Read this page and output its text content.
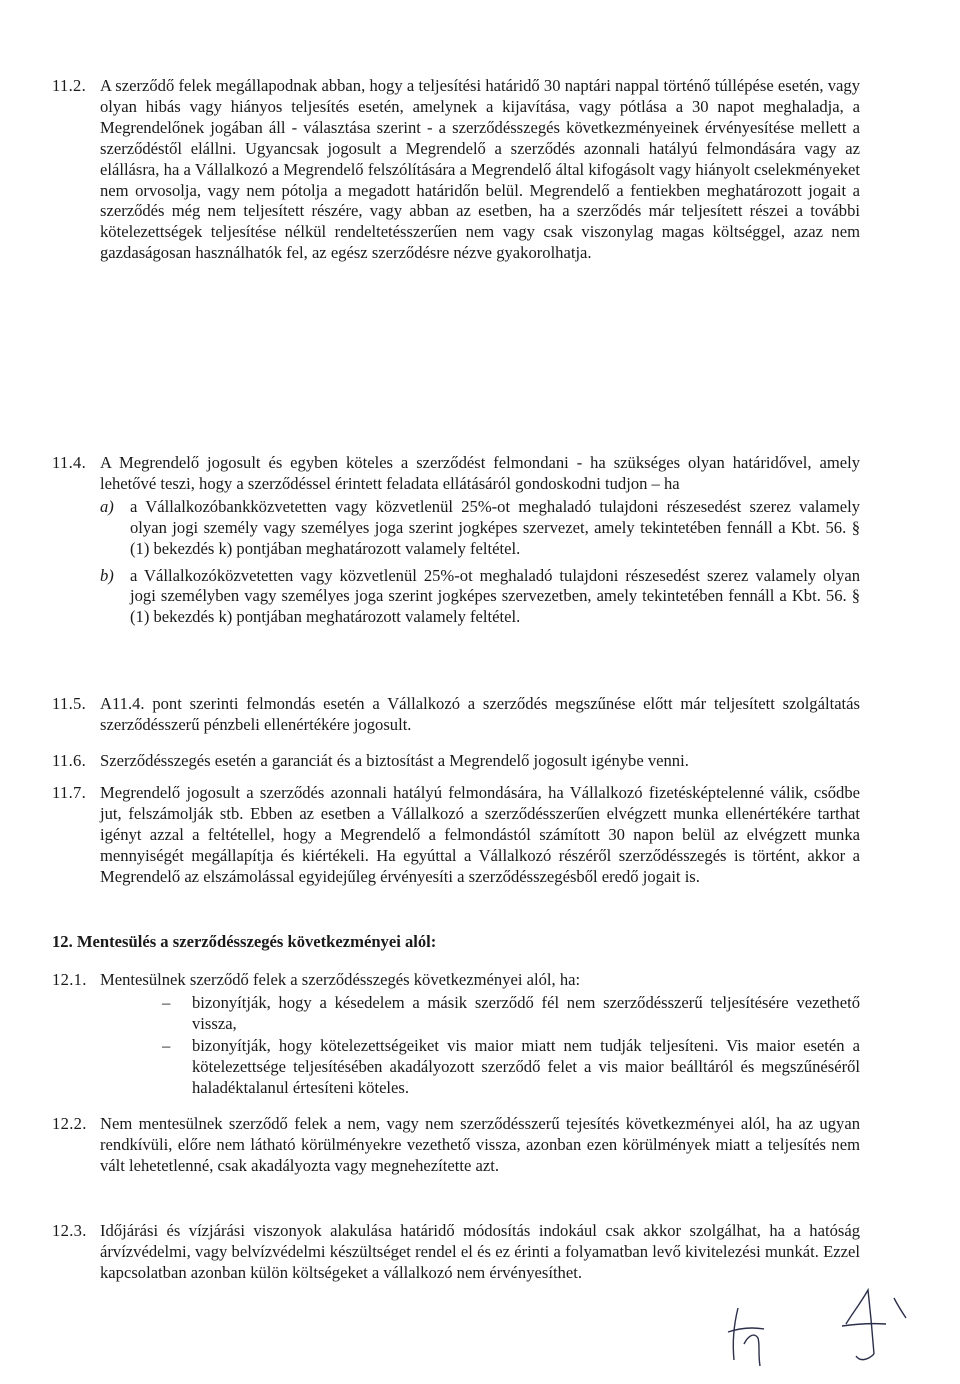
11.2. A szerződő felek megállapodnak abban, hogy a teljesítési határidő 30 naptári nappal történő túllépése esetén, vagy olyan hibás vagy hiányos teljesítés esetén, amelynek a kijavítása, vagy pótlása a 30 napot meghaladja, a Megrendelőnek jogában áll - választása szerint - a szerződésszegés következményeinek érvényesítése mellett a szerződéstől elállni. Ugyancsak jogosult a Megrendelő a szerződés azonnali hatályú felmondására vagy az elállásra, ha a Vállalkozó a Megrendelő felszólítására a Megrendelő által kifogásolt vagy hiányolt cselekményeket nem orvosolja, vagy nem pótolja a megadott határidőn belül. Megrendelő a fentiekben meghatározott jogait a szerződés még nem teljesített részére, vagy abban az esetben, ha a szerződés már teljesített részei a további kötelezettségek teljesítése nélkül rendeltetésszerűen nem vagy csak viszonylag magas költséggel, azaz nem gazdaságosan használhatók fel, az egész szerződésre nézve gyakorolhatja.
11.4. A Megrendelő jogosult és egyben köteles a szerződést felmondani - ha szükséges olyan határidővel, amely lehetővé teszi, hogy a szerződéssel érintett feladata ellátásáról gondoskodni tudjon – ha
a) a Vállalkozóbankközvetetten vagy közvetlenül 25%-ot meghaladó tulajdoni részesedést szerez valamely olyan jogi személy vagy személyes joga szerint jogképes szervezet, amely tekintetében fennáll a Kbt. 56. § (1) bekezdés k) pontjában meghatározott valamely feltétel.
b) a Vállalkozóközvetetten vagy közvetlenül 25%-ot meghaladó tulajdoni részesedést szerez valamely olyan jogi személyben vagy személyes joga szerint jogképes szervezetben, amely tekintetében fennáll a Kbt. 56. § (1) bekezdés k) pontjában meghatározott valamely feltétel.
11.5. A11.4. pont szerinti felmondás esetén a Vállalkozó a szerződés megszűnése előtt már teljesített szolgáltatás szerződésszerű pénzbeli ellenértékére jogosult.
11.6. Szerződésszegés esetén a garanciát és a biztosítást a Megrendelő jogosult igénybe venni.
11.7. Megrendelő jogosult a szerződés azonnali hatályú felmondására, ha Vállalkozó fizetésképtelenné válik, csődbe jut, felszámolják stb. Ebben az esetben a Vállalkozó a szerződésszerűen elvégzett munka ellenértékére tarthat igényt azzal a feltétellel, hogy a Megrendelő a felmondástól számított 30 napon belül az elvégzett munka mennyiségét megállapítja és kiértékeli. Ha egyúttal a Vállalkozó részéről szerződésszegés is történt, akkor a Megrendelő az elszámolással egyidejűleg érvényesíti a szerződésszegésből eredő jogait is.
12. Mentesülés a szerződésszegés következményei alól:
12.1. Mentesülnek szerződő felek a szerződésszegés következményei alól, ha:
– bizonyítják, hogy a késedelem a másik szerződő fél nem szerződésszerű teljesítésére vezethető vissza,
– bizonyítják, hogy kötelezettségeiket vis maior miatt nem tudják teljesíteni. Vis maior esetén a kötelezettsége teljesítésében akadályozott szerződő felet a vis maior beálltáról és megszűnéséről haladéktalanul értesíteni köteles.
12.2. Nem mentesülnek szerződő felek a nem, vagy nem szerződésszerű tejesítés következményei alól, ha az ugyan rendkívüli, előre nem látható körülményekre vezethető vissza, azonban ezen körülmények miatt a teljesítés nem vált lehetetlenné, csak akadályozta vagy megnehezítette azt.
12.3. Időjárási és vízjárási viszonyok alakulása határidő módosítás indokául csak akkor szolgálhat, ha a hatóság árvízvédelmi, vagy belvízvédelmi készültséget rendel el és ez érinti a folyamatban levő kivitelezési munkát. Ezzel kapcsolatban azonban külön költségeket a vállalkozó nem érvényesíthet.
